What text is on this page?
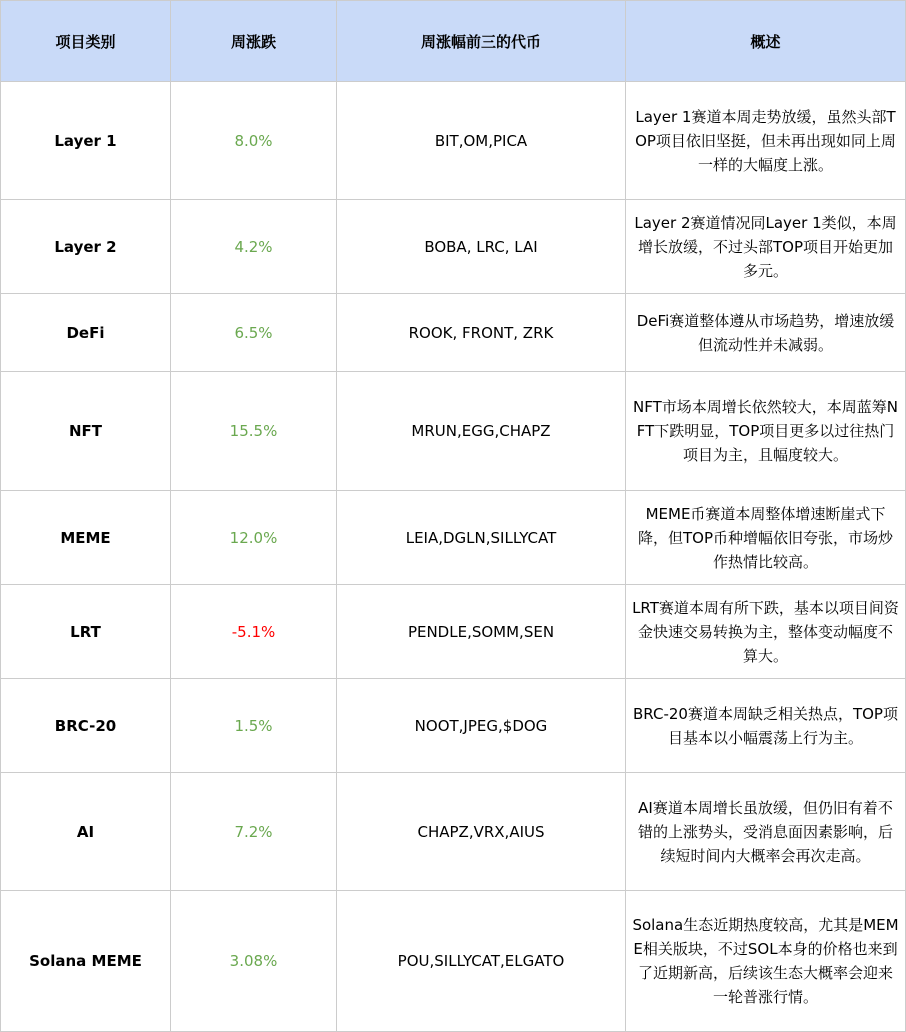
项目类别	周涨跌	周涨幅前三的代币	概述
Layer 1	8.0%	BIT,OM,PICA	Layer 1赛道本周走势放缓，虽然头部TOP项目依旧坚挺，但未再出现如同上周一样的大幅度上涨。
Layer 2	4.2%	BOBA, LRC, LAI	Layer 2赛道情况同Layer 1类似，本周增长放缓，不过头部TOP项目开始更加多元。
DeFi	6.5%	ROOK, FRONT, ZRK	DeFi赛道整体遵从市场趋势，增速放缓但流动性并未减弱。
NFT	15.5%	MRUN,EGG,CHAPZ	NFT市场本周增长依然较大，本周蓝筹NFT下跌明显，TOP项目更多以过往热门项目为主，且幅度较大。
MEME	12.0%	LEIA,DGLN,SILLYCAT	MEME币赛道本周整体增速断崖式下降，但TOP币种增幅依旧夸张，市场炒作热情比较高。
LRT	-5.1%	PENDLE,SOMM,SEN	LRT赛道本周有所下跌，基本以项目间资金快速交易转换为主，整体变动幅度不算大。
BRC-20	1.5%	NOOT,JPEG,$DOG	BRC-20赛道本周缺乏相关热点，TOP项目基本以小幅震荡上行为主。
AI	7.2%	CHAPZ,VRX,AIUS	AI赛道本周增长虽放缓，但仍旧有着不错的上涨势头，受消息面因素影响，后续短时间内大概率会再次走高。
Solana MEME	3.08%	POU,SILLYCAT,ELGATO	Solana生态近期热度较高，尤其是MEME相关版块，不过SOL本身的价格也来到了近期新高，后续该生态大概率会迎来一轮普涨行情。
